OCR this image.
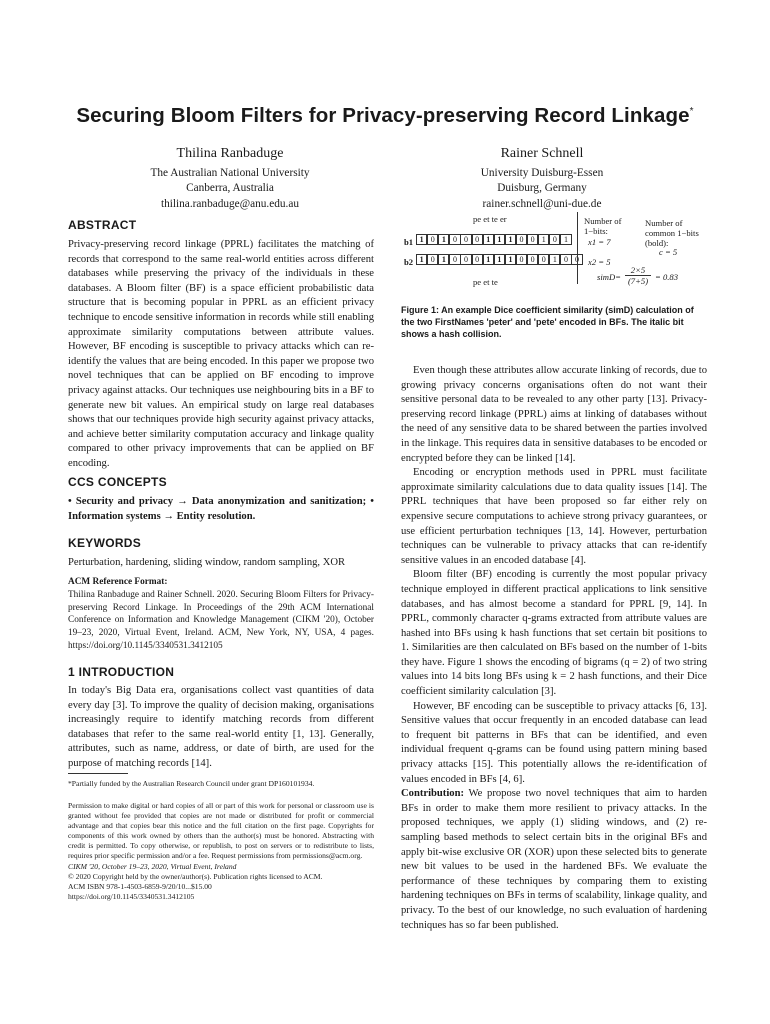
Securing Bloom Filters for Privacy-preserving Record Linkage*
Thilina Ranbaduge
The Australian National University
Canberra, Australia
thilina.ranbaduge@anu.edu.au
Rainer Schnell
University Duisburg-Essen
Duisburg, Germany
rainer.schnell@uni-due.de
ABSTRACT

Privacy-preserving record linkage (PPRL) facilitates the matching of records that correspond to the same real-world entities across different databases while preserving the privacy of the individuals in these databases. A Bloom filter (BF) is a space efficient probabilistic data structure that is becoming popular in PPRL as an efficient privacy technique to encode sensitive information in records while still enabling approximate similarity computations between attribute values. However, BF encoding is susceptible to privacy attacks which can re-identify the values that are being encoded. In this paper we propose two novel techniques that can be applied on BF encoding to improve privacy against attacks. Our techniques use neighbouring bits in a BF to generate new bit values. An empirical study on large real databases shows that our techniques provide high security against privacy attacks, and achieve better similarity computation accuracy and linkage quality compared to other privacy improvements that can be applied on BF encoding.

CCS CONCEPTS

• Security and privacy → Data anonymization and sanitization; • Information systems → Entity resolution.

KEYWORDS

Perturbation, hardening, sliding window, random sampling, XOR

ACM Reference Format:

Thilina Ranbaduge and Rainer Schnell. 2020. Securing Bloom Filters for Privacy-preserving Record Linkage. In Proceedings of the 29th ACM International Conference on Information and Knowledge Management (CIKM '20), October 19–23, 2020, Virtual Event, Ireland. ACM, New York, NY, USA, 4 pages. https://doi.org/10.1145/3340531.3412105

1 INTRODUCTION

In today's Big Data era, organisations collect vast quantities of data every day [3]. To improve the quality of decision making, organisations increasingly require to identify matching records from different databases that refer to the same real-world entity [1, 13]. Generally, attributes, such as name, address, or date of birth, are used for the purpose of matching records [14].

*Partially funded by the Australian Research Council under grant DP160101934.

Permission to make digital or hard copies of all or part of this work for personal or classroom use is granted without fee provided that copies are not made or distributed for profit or commercial advantage and that copies bear this notice and the full citation on the first page. Copyrights for components of this work owned by others than the author(s) must be honored. Abstracting with credit is permitted. To copy otherwise, or republish, to post on servers or to redistribute to lists, requires prior specific permission and/or a fee. Request permissions from permissions@acm.org.

CIKM '20, October 19–23, 2020, Virtual Event, Ireland

© 2020 Copyright held by the owner/author(s). Publication rights licensed to ACM.

ACM ISBN 978-1-4503-6859-9/20/10...$15.00

https://doi.org/10.1145/3340531.3412105

pe et te er
b1
b2
1 0 1 0 0 0 1 1 1 0 0 1 0 1
1 0 1 0 0 0 1 1 1 0 0 0 1 0 0
pe et te
Number of 1−bits:
x1 = 7
x2 = 5
Number of common 1−bits (bold):
c = 5
simD=
2×5
(7+5) = 0.83

Figure 1: An example Dice coefficient similarity (simD) calculation of the two FirstNames 'peter' and 'pete' encoded in BFs. The italic bit shows a hash collision.

Even though these attributes allow accurate linking of records, due to growing privacy concerns organisations often do not want their sensitive personal data to be revealed to any other party [13]. Privacy-preserving record linkage (PPRL) aims at linking of databases without the need of any sensitive data to be shared between the parties involved in the linkage. This requires data in sensitive databases to be encoded or encrypted before they can be linked [14].

Encoding or encryption methods used in PPRL must facilitate approximate similarity calculations due to data quality issues [14]. The PPRL techniques that have been proposed so far either rely on expensive secure computations to achieve strong privacy guarantees, or use efficient perturbation techniques [13, 14]. However, perturbation techniques can be vulnerable to privacy attacks that can re-identify sensitive values in an encoded database [4].

Bloom filter (BF) encoding is currently the most popular privacy technique employed in different practical applications to link sensitive databases, and has almost become a standard for PPRL [9, 14]. In PPRL, commonly character q-grams extracted from attribute values are hashed into BFs using k hash functions that set certain bit positions to 1. Similarities are then calculated on BFs based on the number of 1-bits they have. Figure 1 shows the encoding of bigrams (q = 2) of two string values into 14 bits long BFs using k = 2 hash functions, and their Dice coefficient similarity calculation [3].

However, BF encoding can be susceptible to privacy attacks [6, 13]. Sensitive values that occur frequently in an encoded database can lead to frequent bit patterns in BFs that can be identified, and even individual frequent q-grams can be found using pattern mining based privacy attacks [15]. This potentially allows the re-identification of values encoded in BFs [4, 6].

Contribution: We propose two novel techniques that aim to harden BFs in order to make them more resilient to privacy attacks. In the proposed techniques, we apply (1) sliding windows, and (2) re-sampling based methods to select certain bits in the original BFs and apply bit-wise exclusive OR (XOR) upon these selected bits to generate new bit values to be used in the hardened BFs. We evaluate the performance of these techniques by comparing them to existing hardening techniques on BFs in terms of scalability, linkage quality, and privacy. To the best of our knowledge, no such evaluation of hardening techniques has so far been published.
